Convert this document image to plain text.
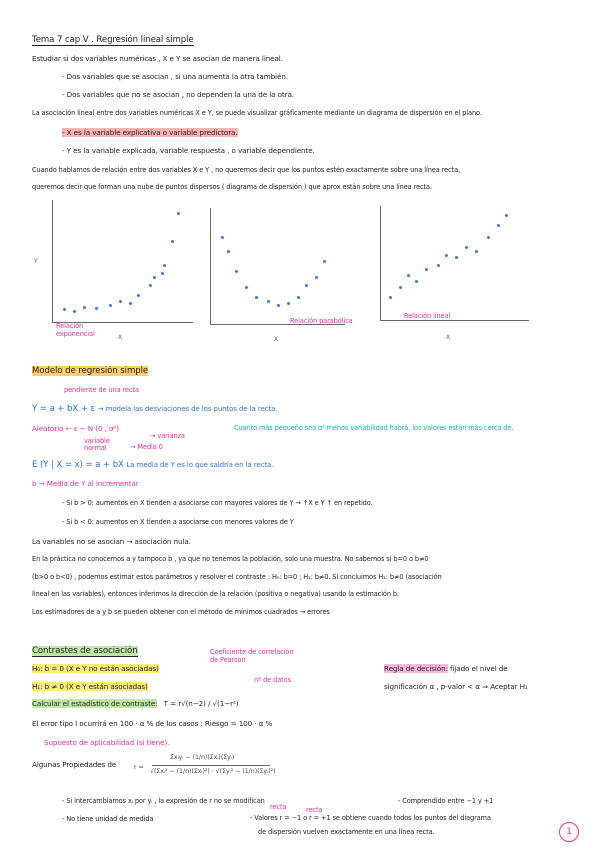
Tema 7 cap V . Regresión lineal simple
Estudiar si dos variables numéricas , X e Y se asocian de manera lineal.
- Dos variables que se asocian , si una aumenta la otra también.
- Dos variables que no se asocian , no dependen la una de la otra.
La asociación lineal entre dos variables numéricas X e Y, se puede visualizar gráficamente mediante un diagrama de dispersión en el plano.
- X es la variable explicativa o variable predictora.
- Y es la variable explicada, variable respuesta , o variable dependiente.
Cuando hablamos de relación entre dos variables X e Y , no queremos decir que los puntos estén exactamente sobre una línea recta,
queremos decir que forman una nube de puntos dispersos ( diagrama de dispersión ) que aprox están sobre una línea recta.
Y
Relación exponencial	X
Relación parabólica
X
Relación lineal
X
Modelo de regresión simple
pendiente de una recta
Y = a + bX + ε → modela las desviaciones de los puntos de la recta.
Aleatorio ← ε ~ N (0 , σ²)	Cuanto más pequeño sea σ² menos variabilidad habrá, los valores están más cerca de.
→ varianza
variable normal	→ Media 0
E (Y | X = x) = a + bX La media de Y es lo que saldría en la recta.
b → Media de Y al incrementar
- Si b > 0: aumentos en X tienden a asociarse con mayores valores de Y → ↑X e Y ↑ en repetido.
- Si b < 0: aumentos en X tienden a asociarse con menores valores de Y
La variables no se asocian → asociación nula.
En la práctica no conocemos a y tampoco b , ya que no tenemos la población, solo una muestra. No sabemos si b=0 o b≠0
(b>0 o b<0) , podemos estimar estos parámetros y resolver el contraste : H₀: b=0 ; H₁: b≠0. Si concluimos H₁: b≠0 (asociación
lineal en las variables), entonces inferimos la dirección de la relación (positiva o negativa) usando la estimación b.
Los estimadores de a y b se pueden obtener con el método de mínimos cuadrados → errores
Contrastes de asociación	Coeficiente de correlación
de Pearson
H₀: b = 0 (X e Y no están asociadas)
H₁: b ≠ 0 (X e Y están asociadas)
nº de datos
Calcular el estadístico de contraste: T = r√(n−2) / √(1−r²)
Regla de decisión: fijado el nivel de
significación α , p-valor < α ⇒ Aceptar H₁
El error tipo I ocurrirá en 100 · α % de los casos : Riesgo = 100 · α %
Supuesto de aplicabilidad (si tiene).
Algunas Propiedades de	r =
Σxᵢyᵢ − (1/n)(Σxᵢ)(Σyᵢ)
√(Σxᵢ² − (1/n)(Σxᵢ)²) · √(Σyᵢ² − (1/n)(Σyᵢ)²)
- Si intercambiamos xᵢ por yᵢ , la expresión de r no se modifican
- No tiene unidad de medida
- Comprendido entre −1 y +1
recta	recta
- Valores r = −1 o r = +1 se obtiene cuando todos los puntos del diagrama
de dispersión vuelven exactamente en una línea recta.	1
